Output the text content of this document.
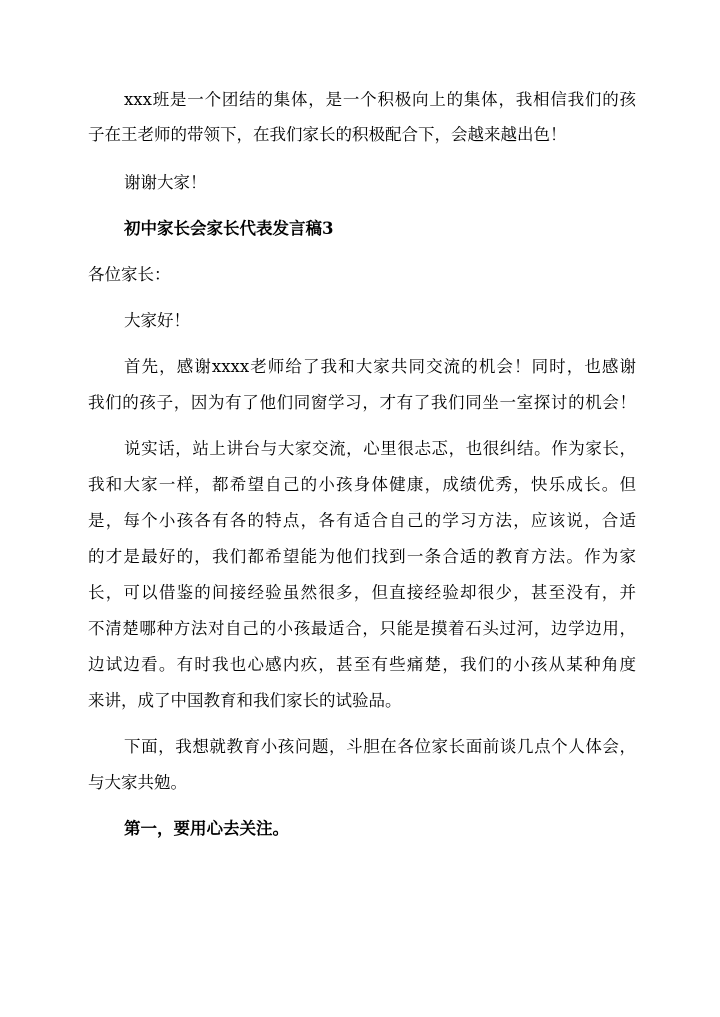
xxx班是一个团结的集体，是一个积极向上的集体，我相信我们的孩
子在王老师的带领下，在我们家长的积极配合下，会越来越出色！
谢谢大家！
初中家长会家长代表发言稿3
各位家长：
大家好！
首先，感谢xxxx老师给了我和大家共同交流的机会！同时，也感谢
我们的孩子，因为有了他们同窗学习，才有了我们同坐一室探讨的机会！
说实话，站上讲台与大家交流，心里很忐忑，也很纠结。作为家长，
我和大家一样，都希望自己的小孩身体健康，成绩优秀，快乐成长。但
是，每个小孩各有各的特点，各有适合自己的学习方法，应该说，合适
的才是最好的，我们都希望能为他们找到一条合适的教育方法。作为家
长，可以借鉴的间接经验虽然很多，但直接经验却很少，甚至没有，并
不清楚哪种方法对自己的小孩最适合，只能是摸着石头过河，边学边用，
边试边看。有时我也心感内疚，甚至有些痛楚，我们的小孩从某种角度
来讲，成了中国教育和我们家长的试验品。
下面，我想就教育小孩问题，斗胆在各位家长面前谈几点个人体会，
与大家共勉。
第一，要用心去关注。
